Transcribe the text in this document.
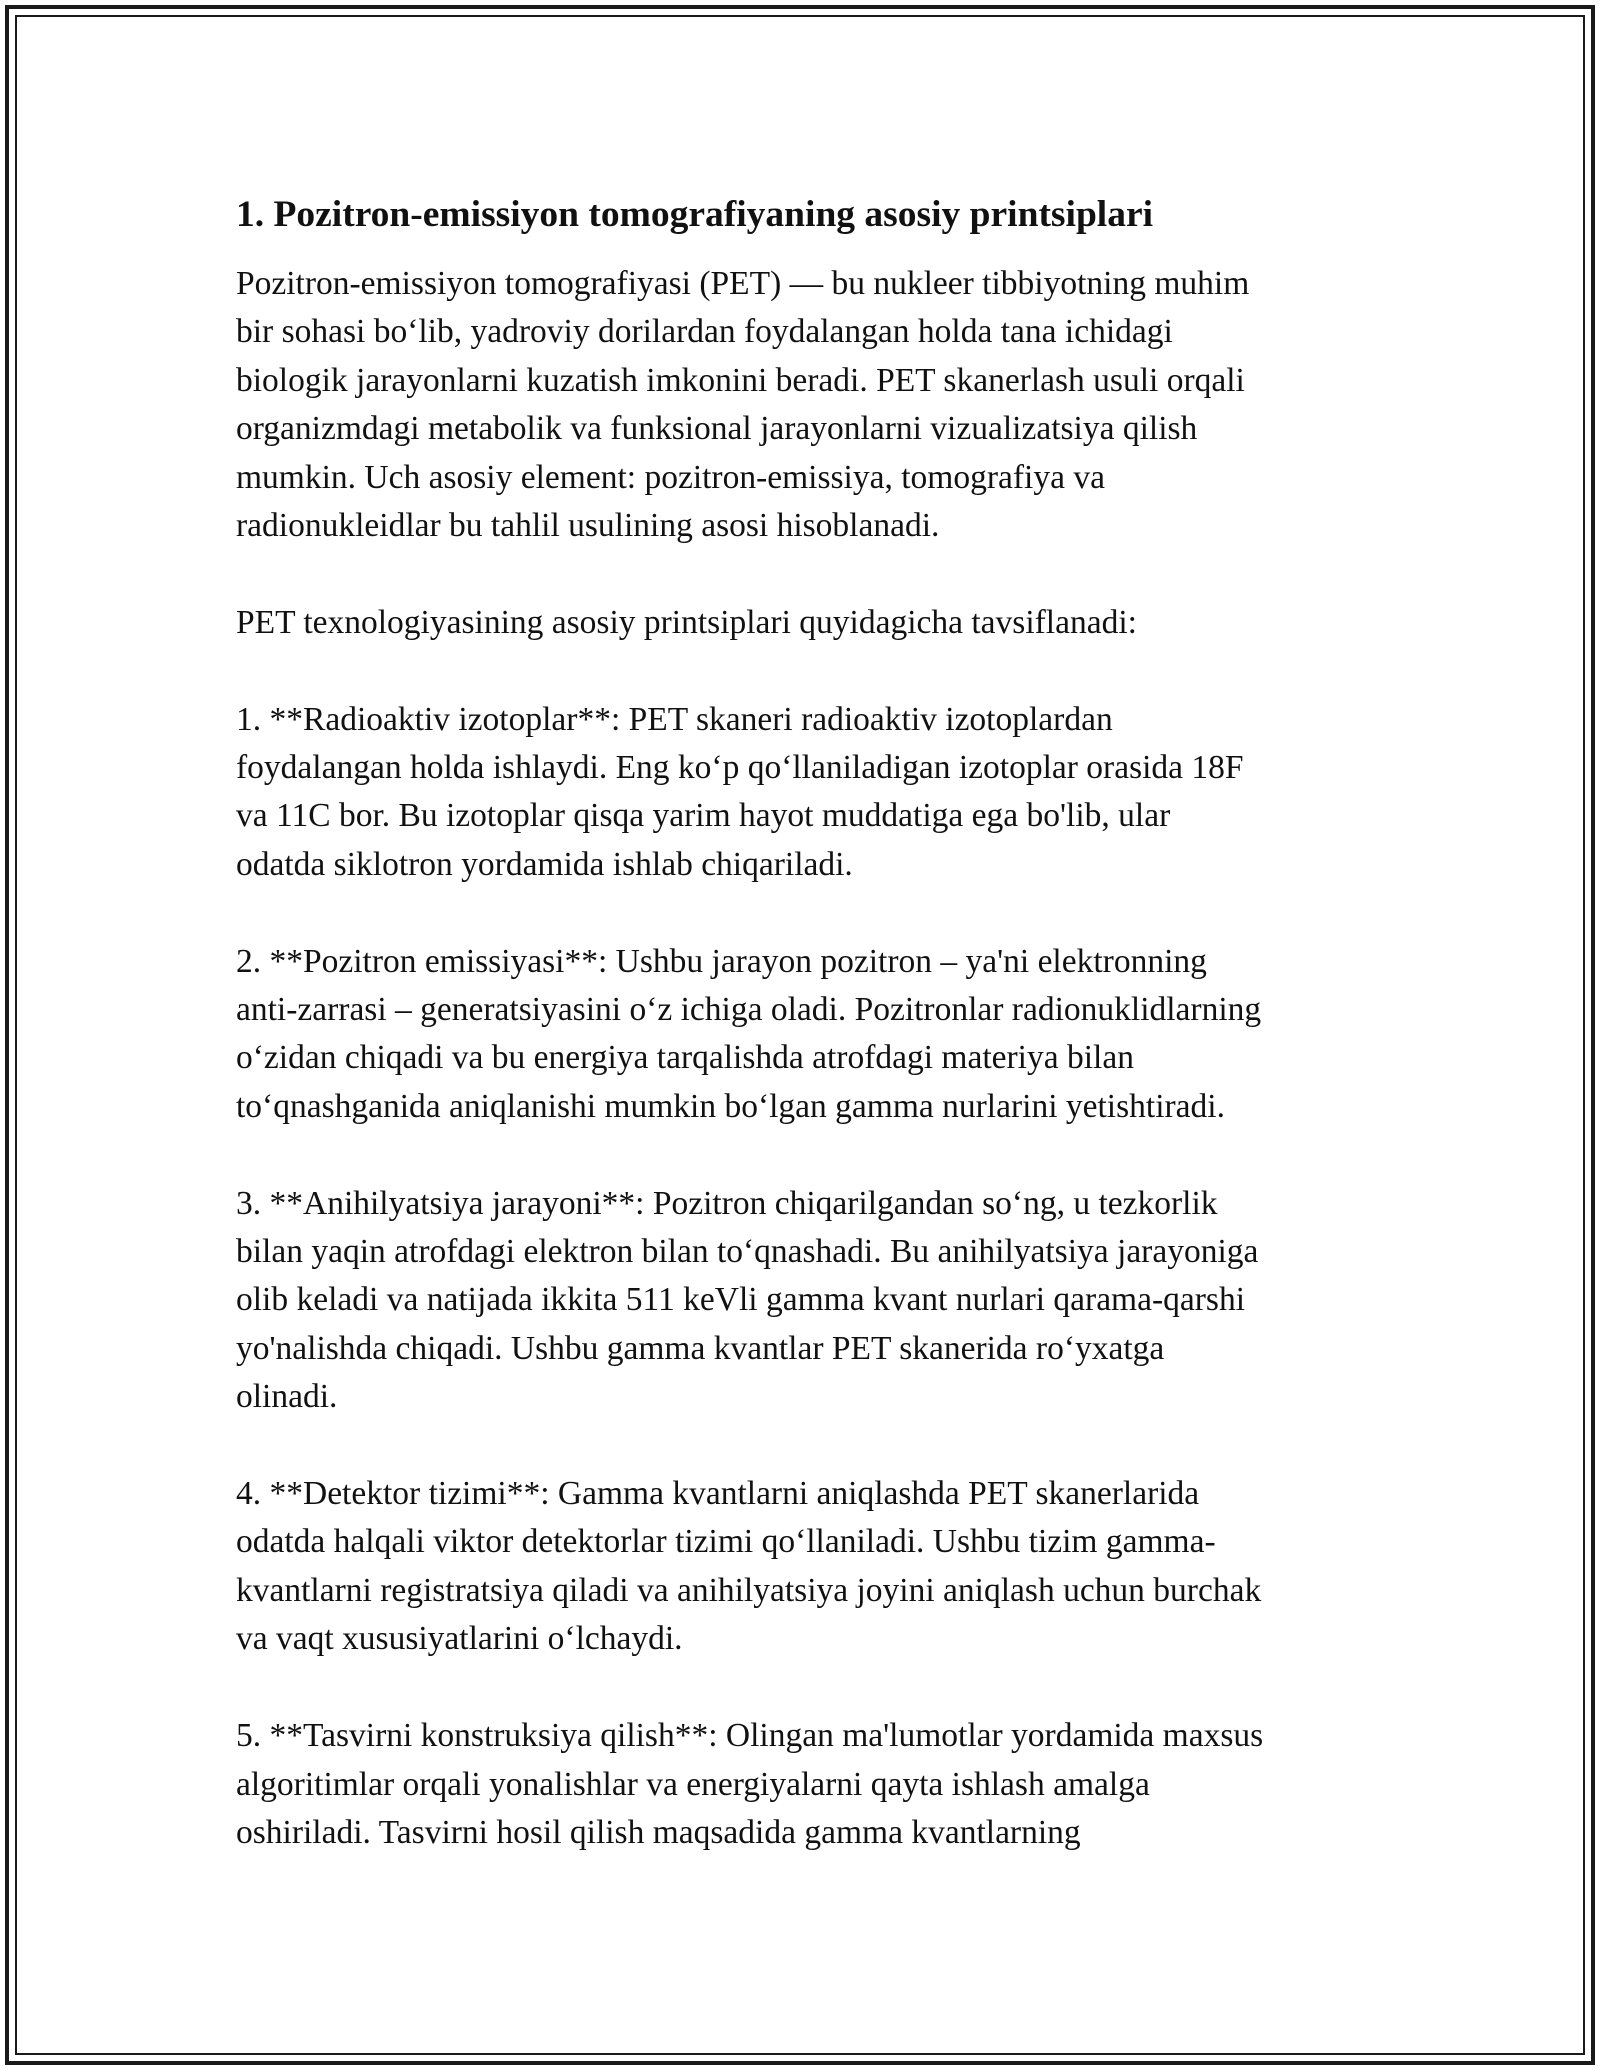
1. Pozitron-emissiyon tomografiyaning asosiy printsiplari

Pozitron-emissiyon tomografiyasi (PET) — bu nukleer tibbiyotning muhim
bir sohasi bo‘lib, yadroviy dorilardan foydalangan holda tana ichidagi
biologik jarayonlarni kuzatish imkonini beradi. PET skanerlash usuli orqali
organizmdagi metabolik va funksional jarayonlarni vizualizatsiya qilish
mumkin. Uch asosiy element: pozitron-emissiya, tomografiya va
radionukleidlar bu tahlil usulining asosi hisoblanadi.

PET texnologiyasining asosiy printsiplari quyidagicha tavsiflanadi:

1. **Radioaktiv izotoplar**: PET skaneri radioaktiv izotoplardan
foydalangan holda ishlaydi. Eng ko‘p qo‘llaniladigan izotoplar orasida 18F
va 11C bor. Bu izotoplar qisqa yarim hayot muddatiga ega bo'lib, ular
odatda siklotron yordamida ishlab chiqariladi.

2. **Pozitron emissiyasi**: Ushbu jarayon pozitron – ya'ni elektronning
anti-zarrasi – generatsiyasini o‘z ichiga oladi. Pozitronlar radionuklidlarning
o‘zidan chiqadi va bu energiya tarqalishda atrofdagi materiya bilan
to‘qnashganida aniqlanishi mumkin bo‘lgan gamma nurlarini yetishtiradi.

3. **Anihilyatsiya jarayoni**: Pozitron chiqarilgandan so‘ng, u tezkorlik
bilan yaqin atrofdagi elektron bilan to‘qnashadi. Bu anihilyatsiya jarayoniga
olib keladi va natijada ikkita 511 keVli gamma kvant nurlari qarama-qarshi
yo'nalishda chiqadi. Ushbu gamma kvantlar PET skanerida ro‘yxatga
olinadi.

4. **Detektor tizimi**: Gamma kvantlarni aniqlashda PET skanerlarida
odatda halqali viktor detektorlar tizimi qo‘llaniladi. Ushbu tizim gamma-
kvantlarni registratsiya qiladi va anihilyatsiya joyini aniqlash uchun burchak
va vaqt xususiyatlarini o‘lchaydi.

5. **Tasvirni konstruksiya qilish**: Olingan ma'lumotlar yordamida maxsus
algoritimlar orqali yonalishlar va energiyalarni qayta ishlash amalga
oshiriladi. Tasvirni hosil qilish maqsadida gamma kvantlarning
